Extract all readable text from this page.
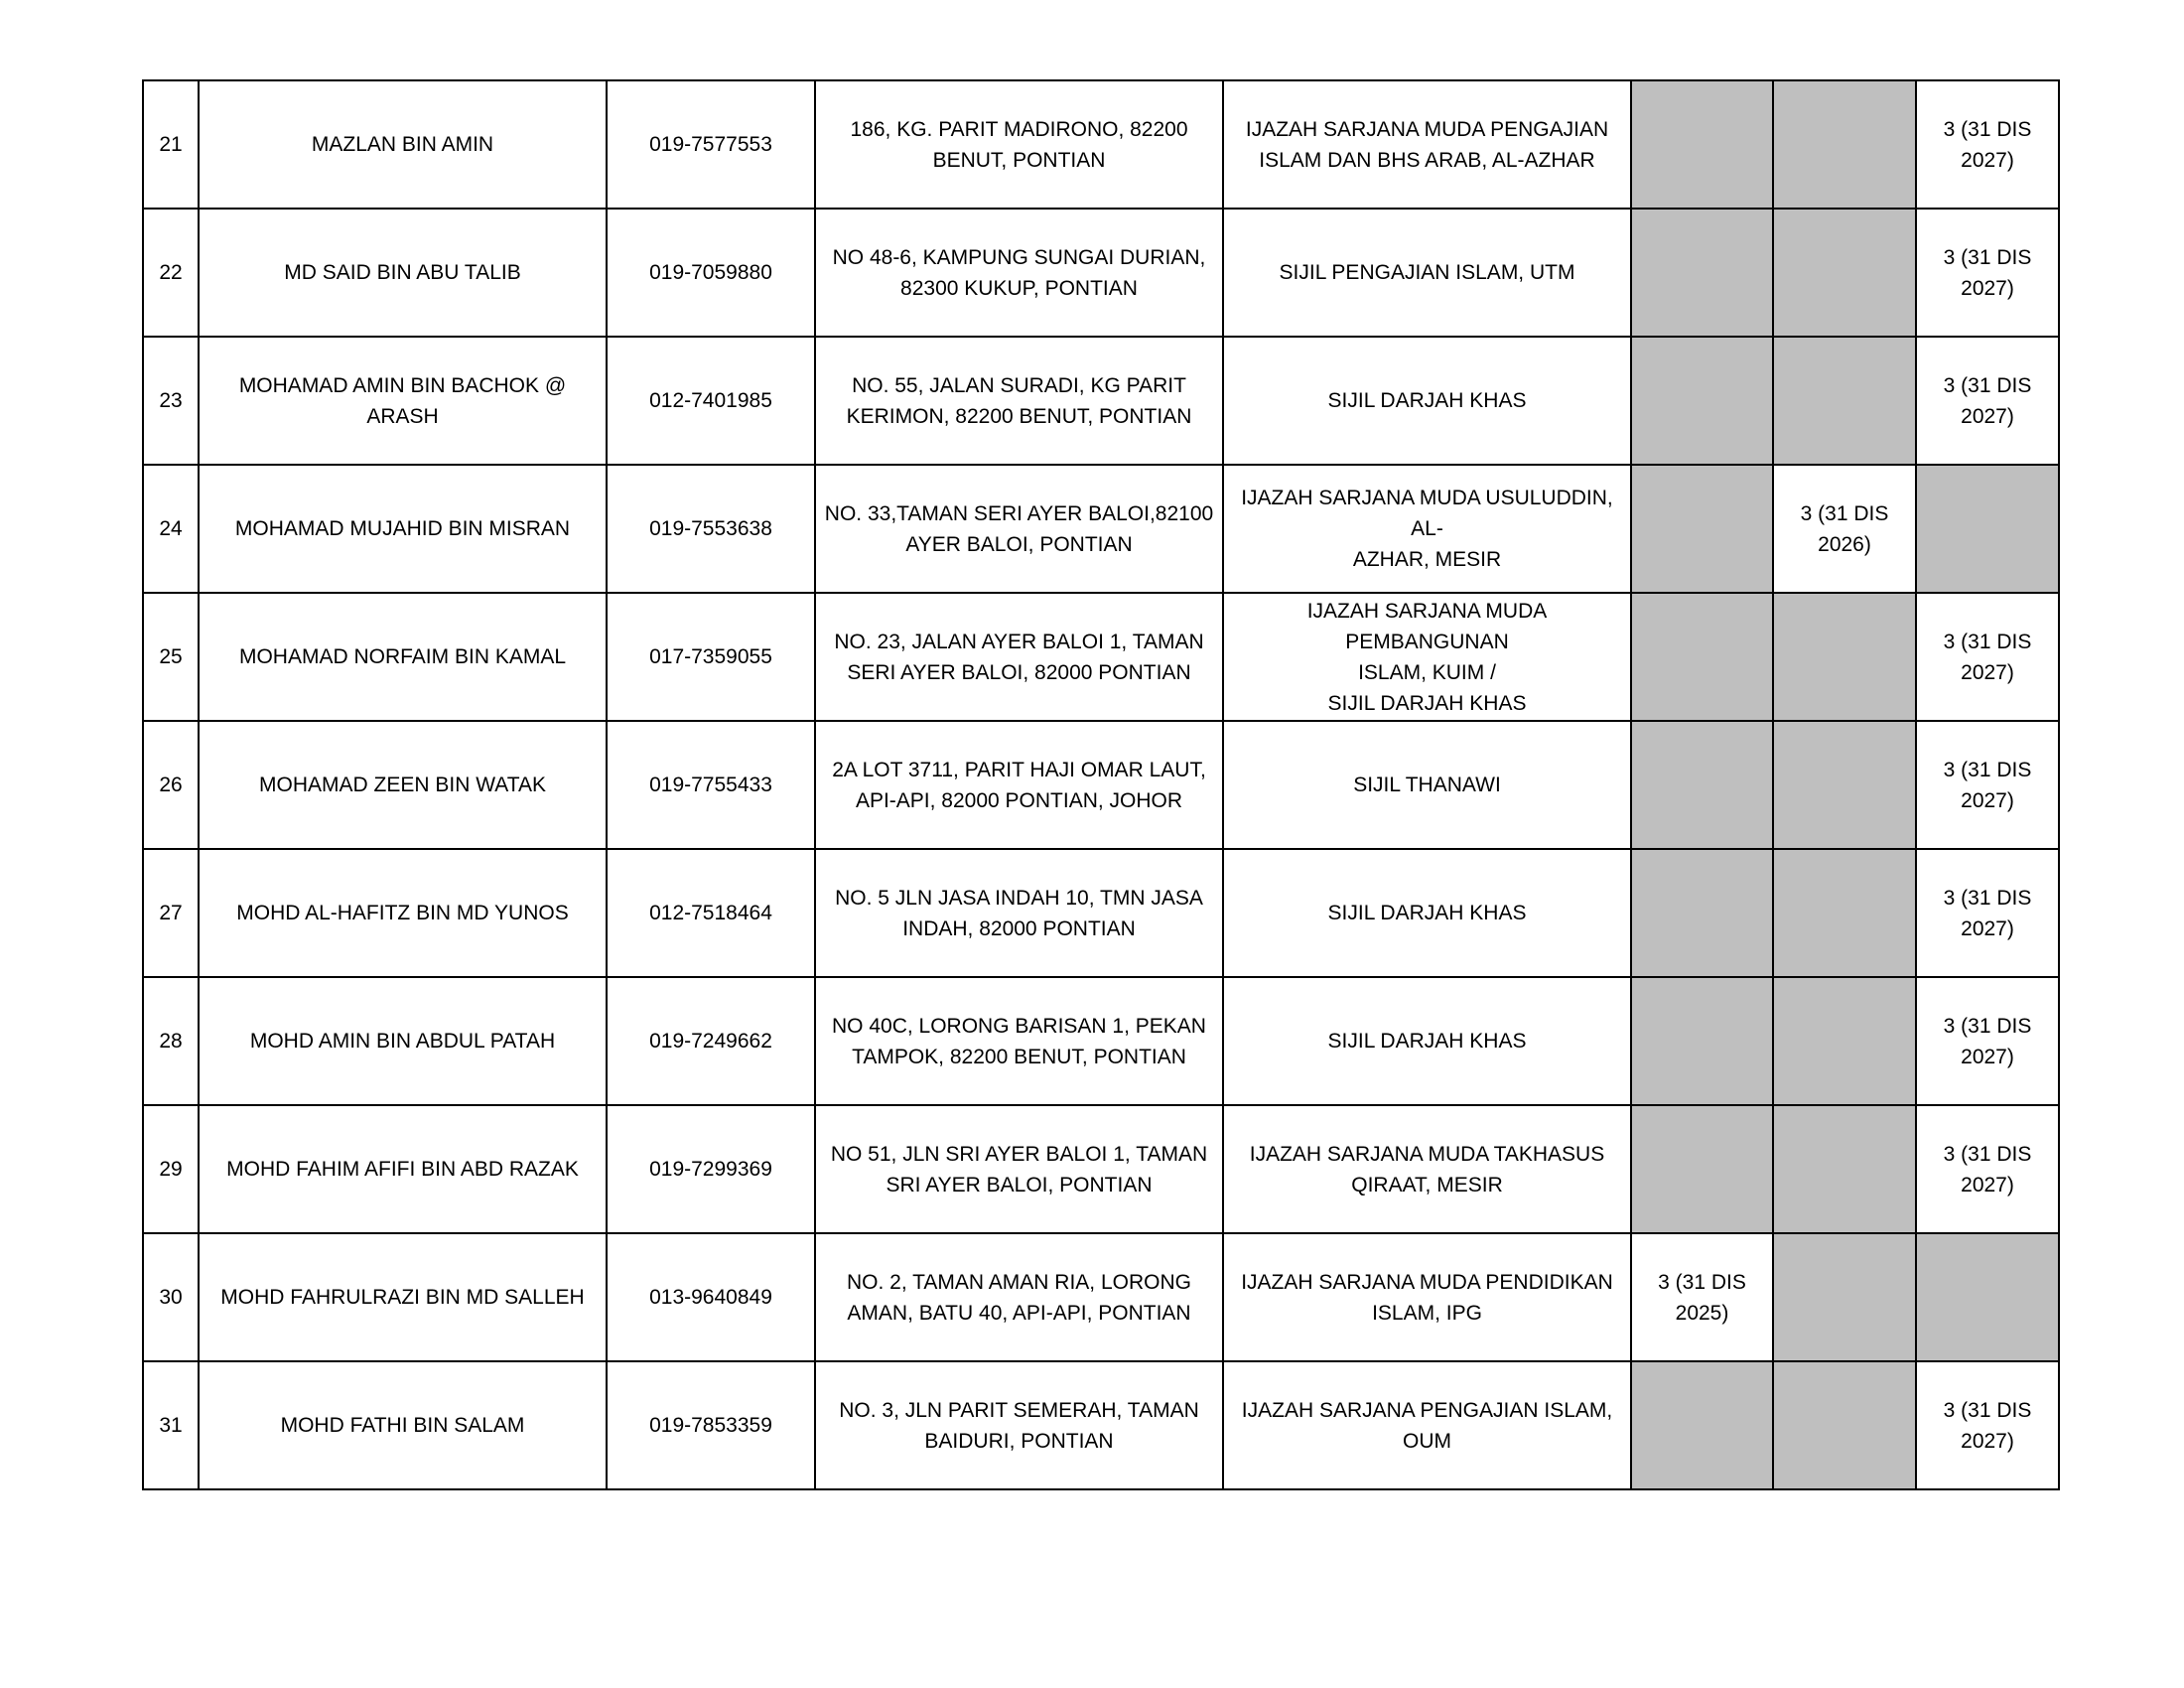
21	MAZLAN BIN AMIN	019-7577553	186, KG. PARIT MADIRONO, 82200
BENUT, PONTIAN	IJAZAH SARJANA MUDA PENGAJIAN
ISLAM DAN BHS ARAB, AL-AZHAR			3 (31 DIS
2027)
22	MD SAID BIN ABU TALIB	019-7059880	NO 48-6, KAMPUNG SUNGAI DURIAN,
82300 KUKUP, PONTIAN	SIJIL PENGAJIAN ISLAM, UTM			3 (31 DIS
2027)
23	MOHAMAD AMIN BIN BACHOK @ ARASH	012-7401985	NO. 55, JALAN SURADI, KG PARIT
KERIMON, 82200 BENUT, PONTIAN	SIJIL DARJAH KHAS			3 (31 DIS
2027)
24	MOHAMAD MUJAHID BIN MISRAN	019-7553638	NO. 33,TAMAN SERI AYER BALOI,82100
AYER BALOI, PONTIAN	IJAZAH SARJANA MUDA USULUDDIN, AL-
AZHAR, MESIR		3 (31 DIS
2026)	
25	MOHAMAD NORFAIM BIN KAMAL	017-7359055	NO. 23, JALAN AYER BALOI 1, TAMAN
SERI AYER BALOI, 82000 PONTIAN	IJAZAH SARJANA MUDA PEMBANGUNAN
ISLAM, KUIM /
SIJIL DARJAH KHAS			3 (31 DIS
2027)
26	MOHAMAD ZEEN BIN WATAK	019-7755433	2A LOT 3711, PARIT HAJI OMAR LAUT,
API-API, 82000 PONTIAN, JOHOR	SIJIL THANAWI			3 (31 DIS
2027)
27	MOHD AL-HAFITZ BIN MD YUNOS	012-7518464	NO. 5 JLN JASA INDAH 10, TMN JASA
INDAH, 82000 PONTIAN	SIJIL DARJAH KHAS			3 (31 DIS
2027)
28	MOHD AMIN BIN ABDUL PATAH	019-7249662	NO 40C, LORONG BARISAN 1, PEKAN
TAMPOK, 82200 BENUT, PONTIAN	SIJIL DARJAH KHAS			3 (31 DIS
2027)
29	MOHD FAHIM AFIFI BIN ABD RAZAK	019-7299369	NO 51, JLN SRI AYER BALOI 1, TAMAN
SRI AYER BALOI, PONTIAN	IJAZAH SARJANA MUDA TAKHASUS
QIRAAT, MESIR			3 (31 DIS
2027)
30	MOHD FAHRULRAZI BIN MD SALLEH	013-9640849	NO. 2, TAMAN AMAN RIA, LORONG
AMAN, BATU 40, API-API, PONTIAN	IJAZAH SARJANA MUDA PENDIDIKAN
ISLAM, IPG	3 (31 DIS
2025)		
31	MOHD FATHI BIN SALAM	019-7853359	NO. 3, JLN PARIT SEMERAH, TAMAN
BAIDURI, PONTIAN	IJAZAH SARJANA PENGAJIAN ISLAM,
OUM			3 (31 DIS
2027)
